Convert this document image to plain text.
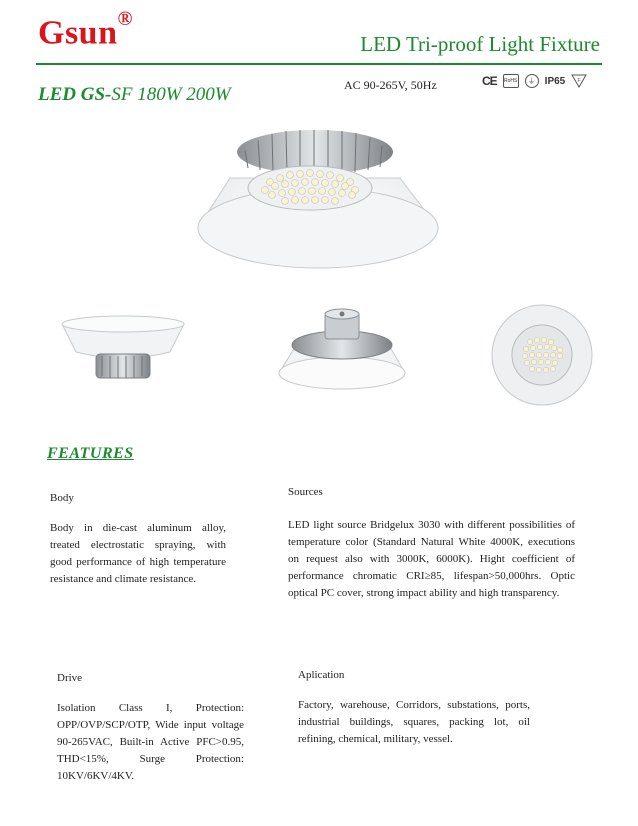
Gsun®
LED Tri-proof Light Fixture
LED GS-SF 180W 200W	AC 90-265V, 50Hz	CE RoHS	⏚ IP65 F
FEATURES
Body
Body in die-cast aluminum alloy, treated electrostatic spraying, with good performance of high temperature resistance and climate resistance.
Sources
LED light source Bridgelux 3030 with different possibilities of temperature color (Standard Natural White 4000K, executions on request also with 3000K, 6000K). Hight coefficient of performance chromatic CRI≥85, lifespan>50,000hrs. Optic optical PC cover, strong impact ability and high transparency.
Drive
Isolation Class I, Protection: OPP/OVP/SCP/OTP, Wide input voltage 90-265VAC, Built-in Active PFC>0.95, THD<15%, Surge Protection: 10KV/6KV/4KV.
Aplication
Factory, warehouse, Corridors, substations, ports, industrial buildings, squares, packing lot, oil refining, chemical, military, vessel.
